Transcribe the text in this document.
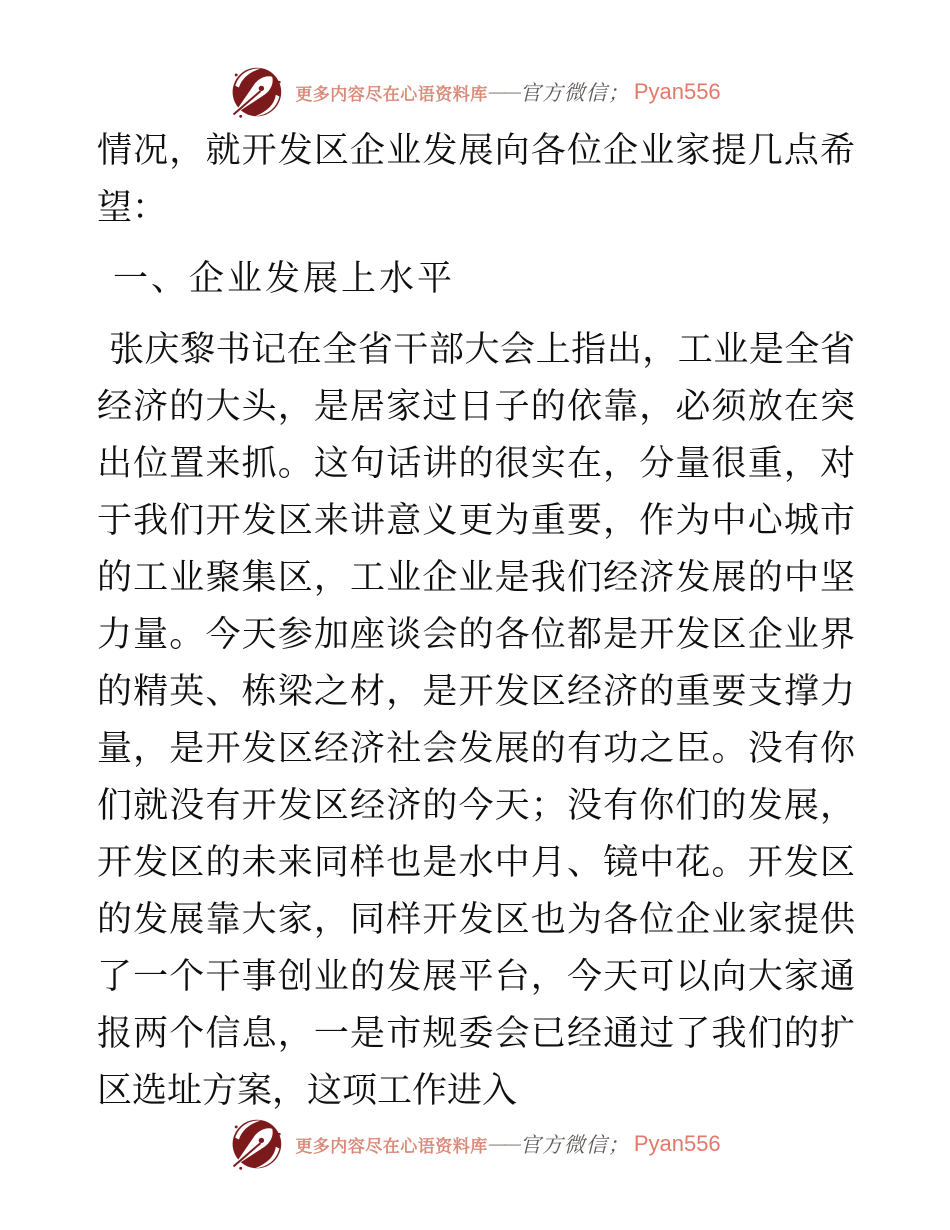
更多内容尽在心语资料库 —— 官方微信； Pyan556

情况，就开发区企业发展向各位企业家提几点希望：

一、企业发展上水平

张庆黎书记在全省干部大会上指出，工业是全省经济的大头，是居家过日子的依靠，必须放在突出位置来抓。这句话讲的很实在，分量很重，对于我们开发区来讲意义更为重要，作为中心城市的工业聚集区，工业企业是我们经济发展的中坚力量。今天参加座谈会的各位都是开发区企业界的精英、栋梁之材，是开发区经济的重要支撑力量，是开发区经济社会发展的有功之臣。没有你们就没有开发区经济的今天；没有你们的发展，开发区的未来同样也是水中月、镜中花。开发区的发展靠大家，同样开发区也为各位企业家提供了一个干事创业的发展平台，今天可以向大家通报两个信息，一是市规委会已经通过了我们的扩区选址方案，这项工作进入

更多内容尽在心语资料库 —— 官方微信； Pyan556
